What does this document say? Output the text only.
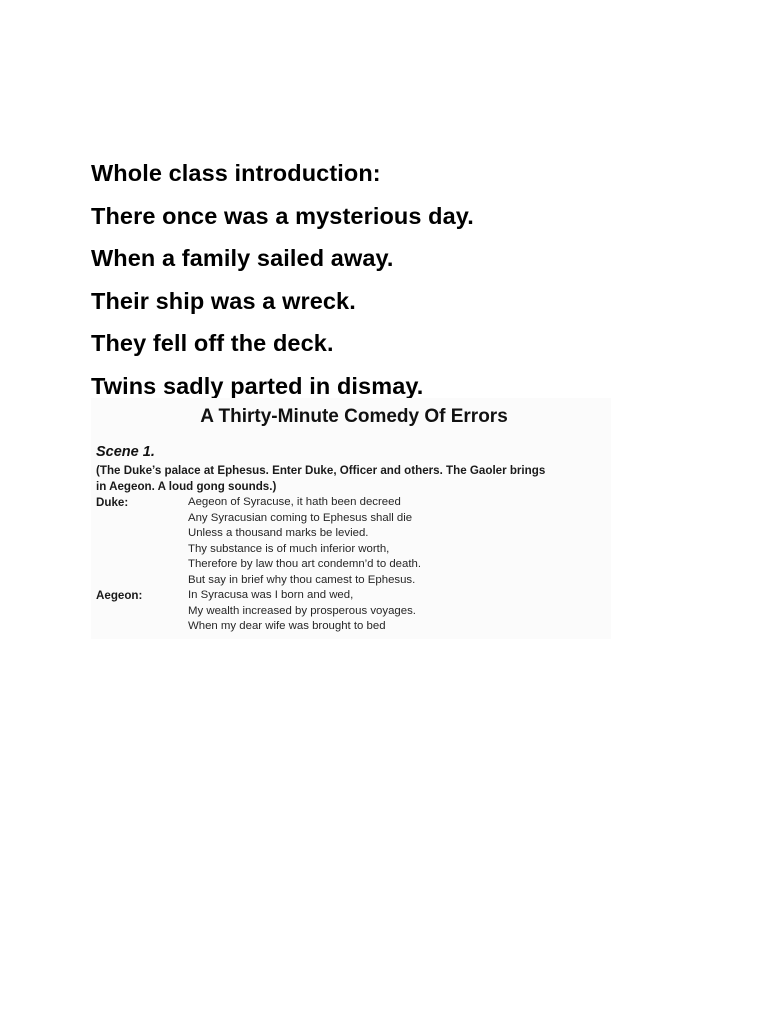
Whole class introduction:
There once was a mysterious day.
When a family sailed away.
Their ship was a wreck.
They fell off the deck.
Twins sadly parted in dismay.
A Thirty-Minute Comedy Of Errors
Scene 1.
(The Duke’s palace at Ephesus. Enter Duke, Officer and others. The Gaoler brings
in Aegeon. A loud gong sounds.)
Duke:	Aegeon of Syracuse, it hath been decreed
Any Syracusian coming to Ephesus shall die
Unless a thousand marks be levied.
Thy substance is of much inferior worth,
Therefore by law thou art condemn’d to death.
But say in brief why thou camest to Ephesus.
Aegeon:	In Syracusa was I born and wed,
My wealth increased by prosperous voyages.
When my dear wife was brought to bed
